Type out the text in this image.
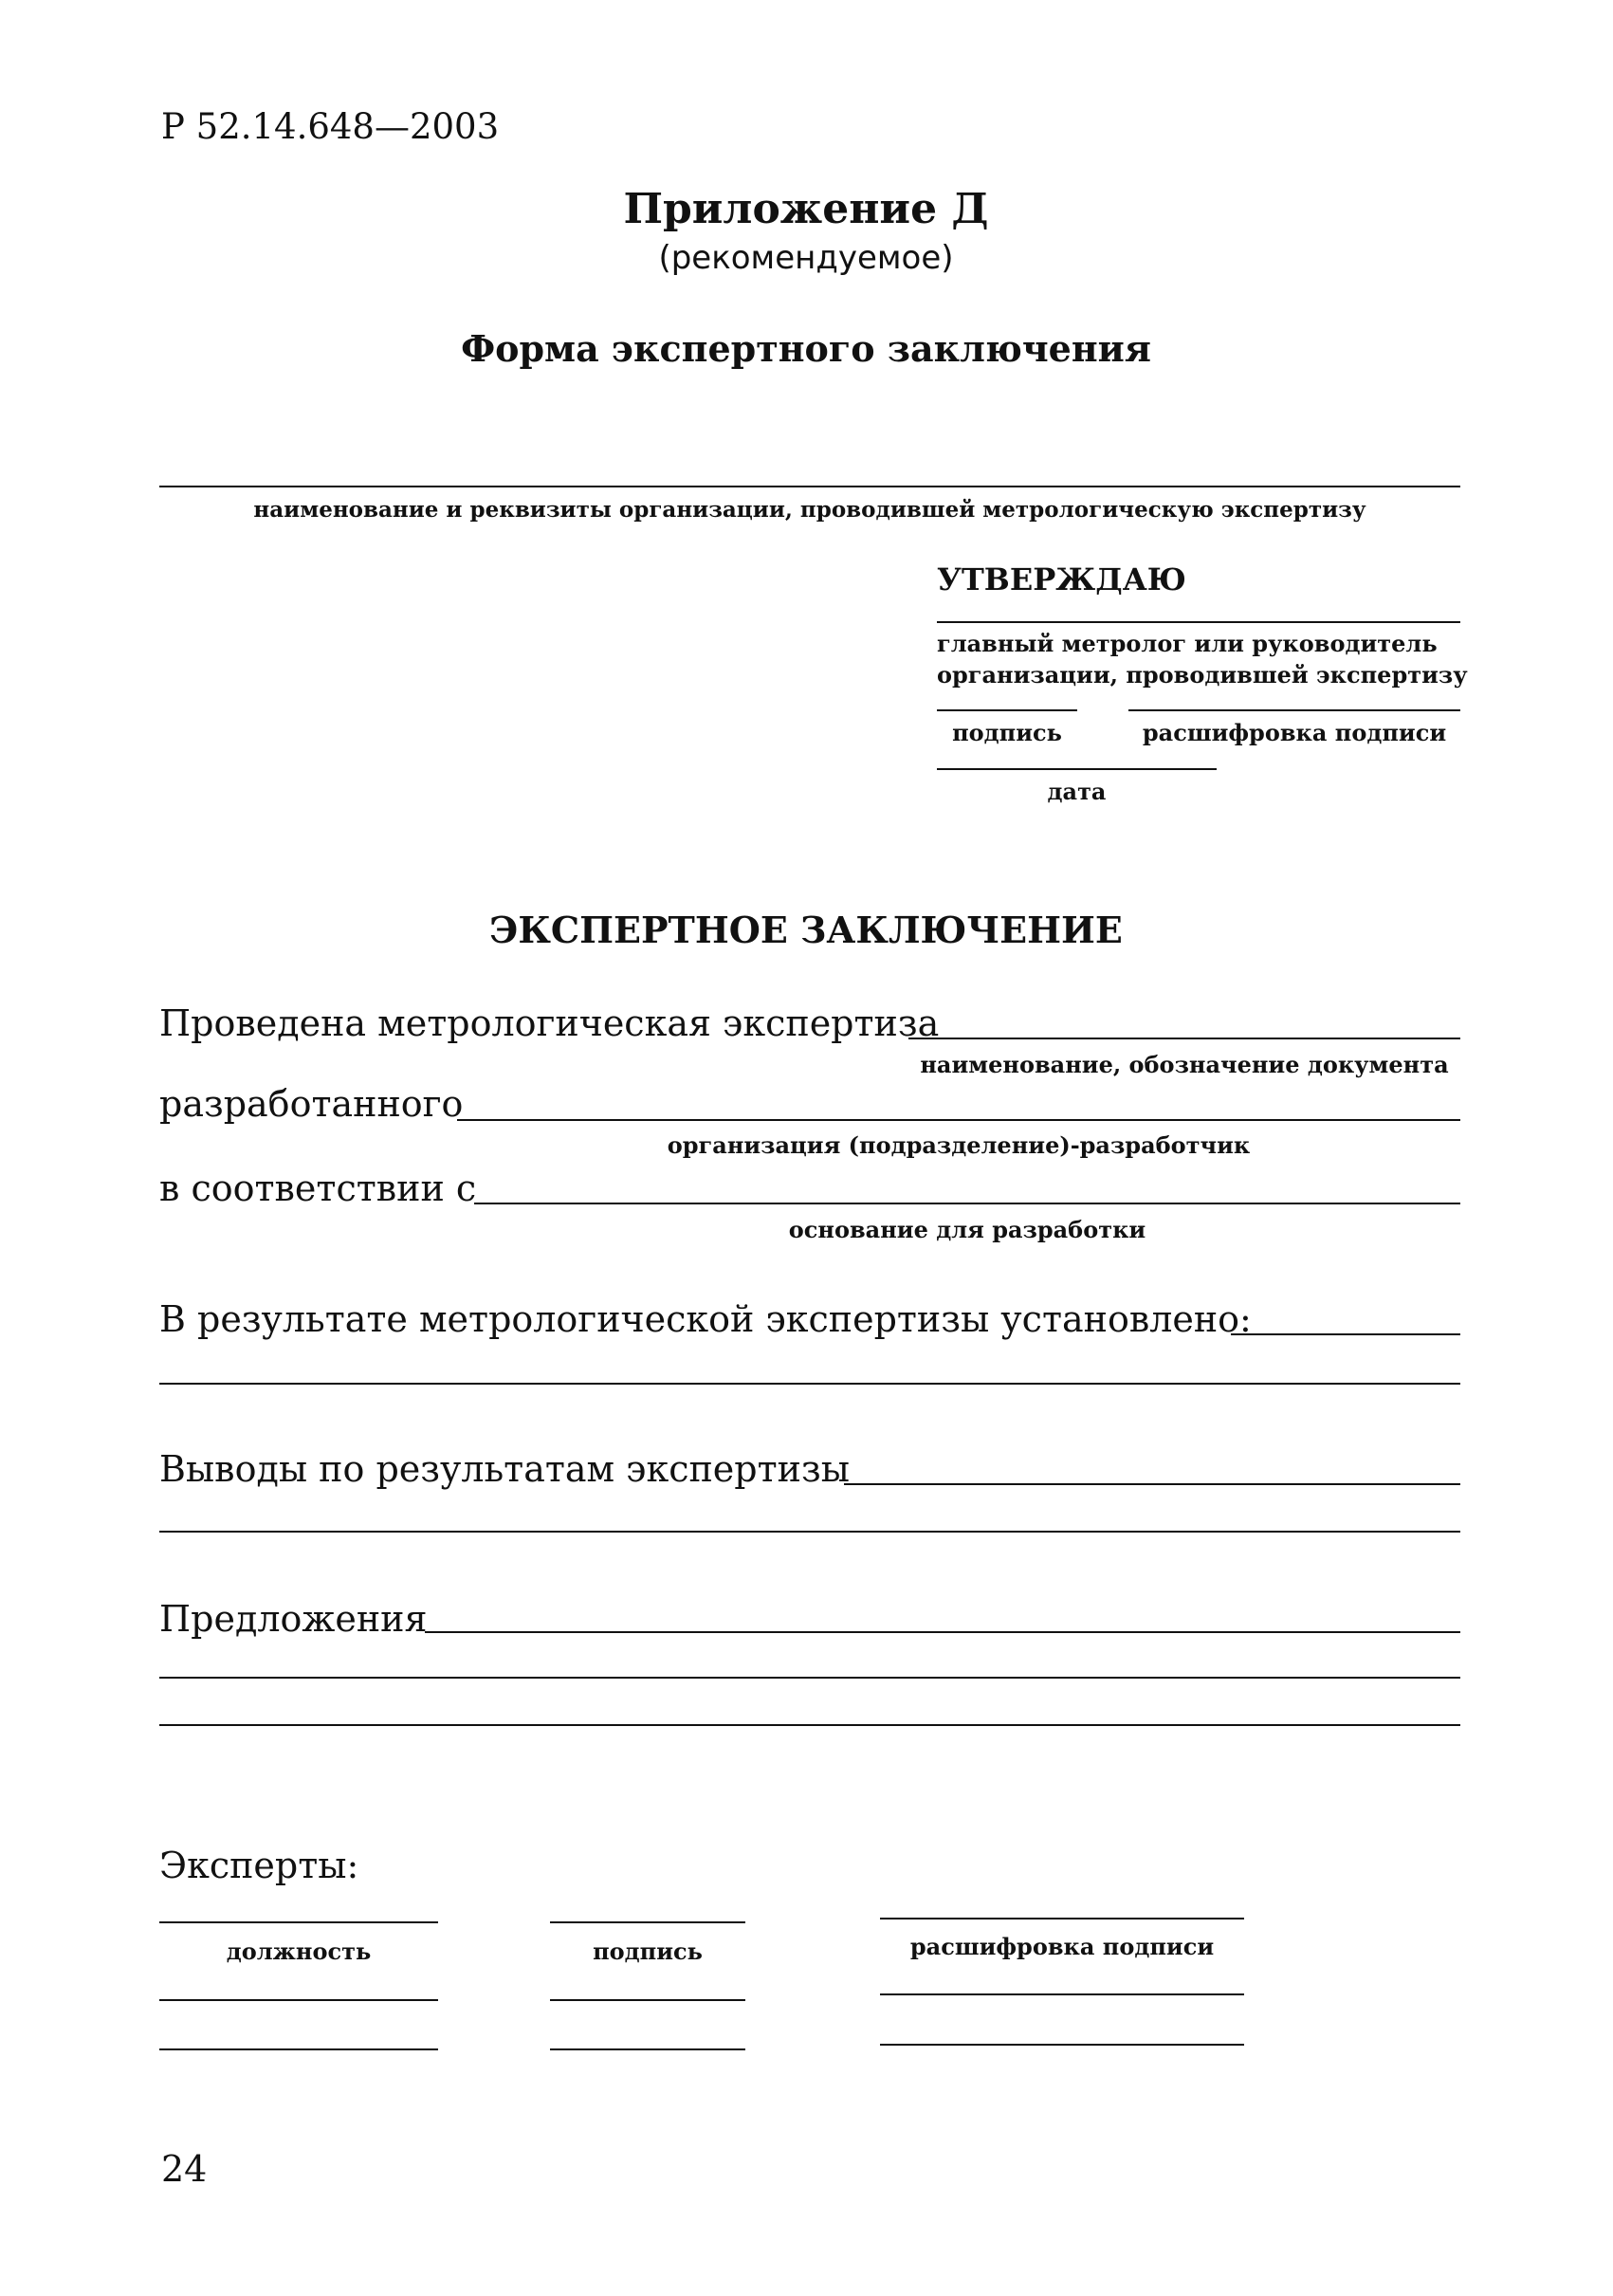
Р 52.14.648—2003
Приложение Д
(рекомендуемое)
Форма экспертного заключения
наименование и реквизиты организации, проводившей метрологическую экспертизу
УТВЕРЖДАЮ
главный метролог или руководитель
организации, проводившей экспертизу
подпись	расшифровка подписи
дата
ЭКСПЕРТНОЕ ЗАКЛЮЧЕНИЕ
Проведена метрологическая экспертиза
наименование, обозначение документа
разработанного
организация (подразделение)-разработчик
в соответствии с
основание для разработки
В результате метрологической экспертизы установлено:
Выводы по результатам экспертизы
Предложения
Эксперты:
должность	подпись	расшифровка подписи
24
